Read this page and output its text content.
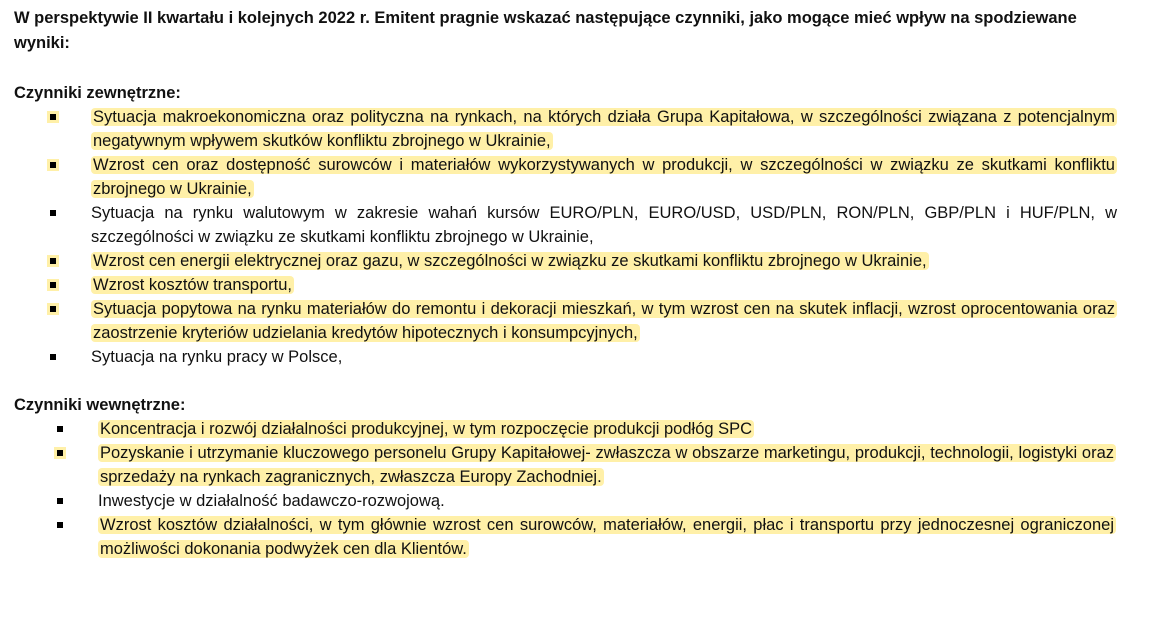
W perspektywie II kwartału i kolejnych 2022 r. Emitent pragnie wskazać następujące czynniki, jako mogące mieć wpływ na spodziewane wyniki:

Czynniki zewnętrzne:

Sytuacja makroekonomiczna oraz polityczna na rynkach, na których działa Grupa Kapitałowa, w szczególności związana z potencjalnym negatywnym wpływem skutków konfliktu zbrojnego w Ukrainie,
Wzrost cen oraz dostępność surowców i materiałów wykorzystywanych w produkcji, w szczególności w związku ze skutkami konfliktu zbrojnego w Ukrainie,
Sytuacja na rynku walutowym w zakresie wahań kursów EURO/PLN, EURO/USD, USD/PLN, RON/PLN, GBP/PLN i HUF/PLN, w szczególności w związku ze skutkami konfliktu zbrojnego w Ukrainie,
Wzrost cen energii elektrycznej oraz gazu, w szczególności w związku ze skutkami konfliktu zbrojnego w Ukrainie,
Wzrost kosztów transportu,
Sytuacja popytowa na rynku materiałów do remontu i dekoracji mieszkań, w tym wzrost cen na skutek inflacji, wzrost oprocentowania oraz zaostrzenie kryteriów udzielania kredytów hipotecznych i konsumpcyjnych,
Sytuacja na rynku pracy w Polsce,

Czynniki wewnętrzne:

Koncentracja i rozwój działalności produkcyjnej, w tym rozpoczęcie produkcji podłóg SPC
Pozyskanie i utrzymanie kluczowego personelu Grupy Kapitałowej- zwłaszcza w obszarze marketingu, produkcji, technologii, logistyki oraz sprzedaży na rynkach zagranicznych, zwłaszcza Europy Zachodniej.
Inwestycje w działalność badawczo-rozwojową.
Wzrost kosztów działalności, w tym głównie wzrost cen surowców, materiałów, energii, płac i transportu przy jednoczesnej ograniczonej możliwości dokonania podwyżek cen dla Klientów.
